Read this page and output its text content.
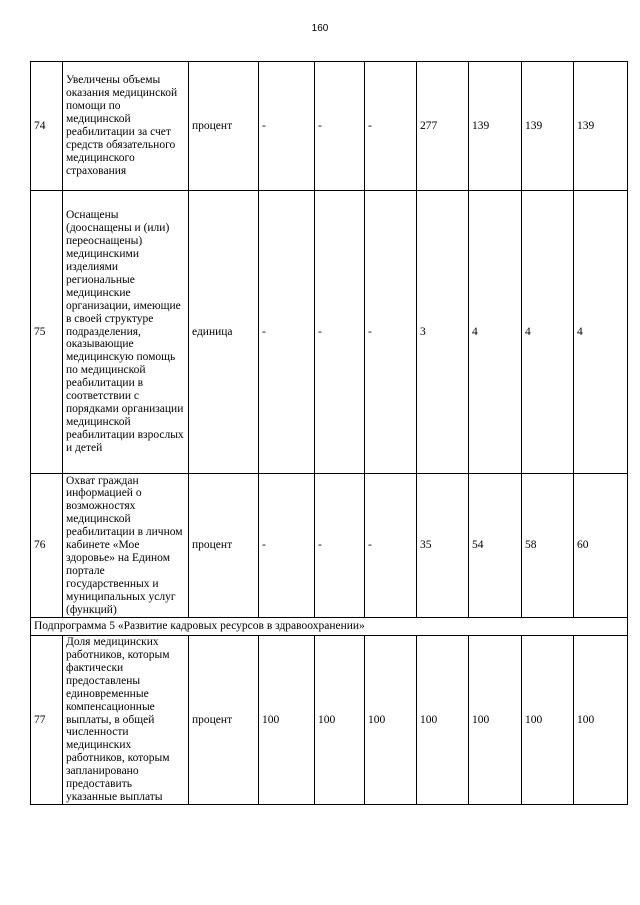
160
74	Увеличены объемы оказания медицинской помощи по медицинской реабилитации за счет средств обязательного медицинского страхования	процент	-	-	-	277	139	139	139
75	Оснащены (дооснащены и (или) переоснащены) медицинскими изделиями региональные медицинские организации, имеющие в своей структуре подразделения, оказывающие медицинскую помощь по медицинской реабилитации в соответствии с порядками организации медицинской реабилитации взрослых и детей	единица	-	-	-	3	4	4	4
76	Охват граждан информацией о возможностях медицинской реабилитации в личном кабинете «Мое здоровье» на Едином портале государственных и муниципальных услуг (функций)	процент	-	-	-	35	54	58	60
Подпрограмма 5 «Развитие кадровых ресурсов в здравоохранении»									
77	Доля медицинских работников, которым фактически предоставлены единовременные компенсационные выплаты, в общей численности медицинских работников, которым запланировано предоставить указанные выплаты	процент	100	100	100	100	100	100	100
